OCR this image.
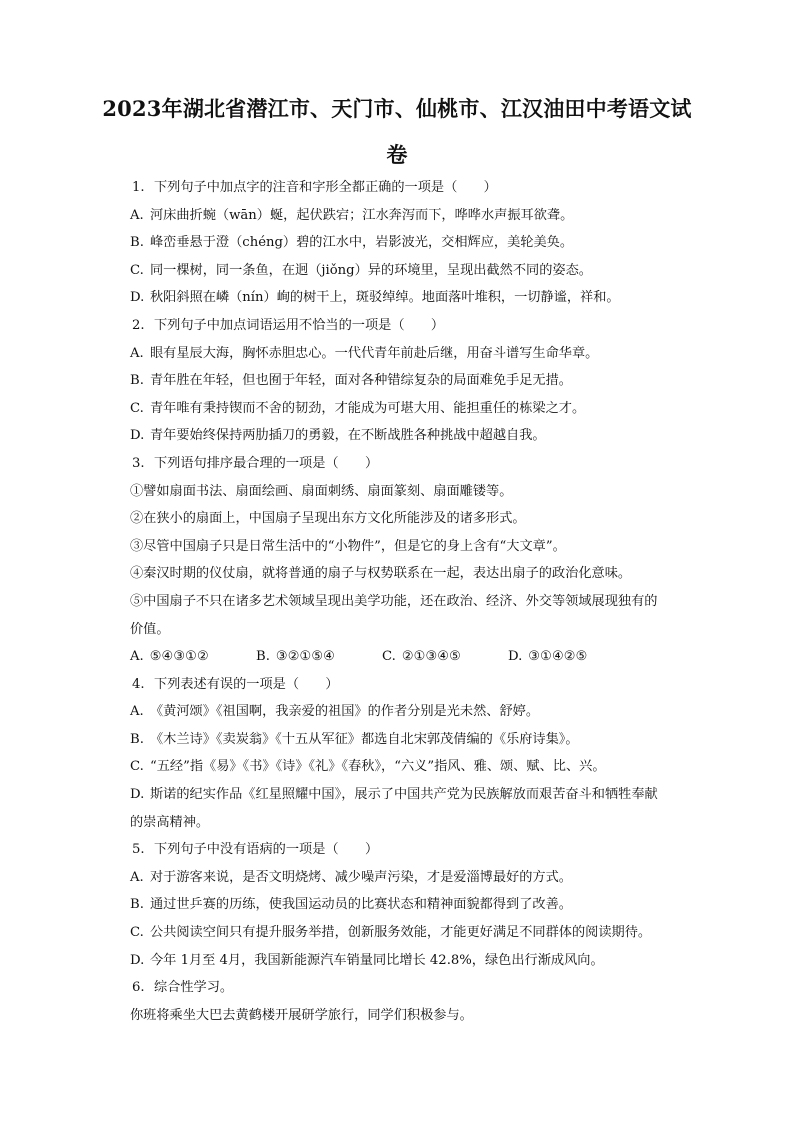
2023年湖北省潜江市、天门市、仙桃市、江汉油田中考语文试
卷
1. 下列句子中加点字的注音和字形全都正确的一项是（　　）
A. 河床曲折蜿（wān）蜒，起伏跌宕；江水奔泻而下，哗哗水声振耳欲聋。
B. 峰峦垂悬于澄（chéng）碧的江水中，岩影波光，交相辉应，美轮美奂。
C. 同一棵树，同一条鱼，在迥（jiǒng）异的环境里，呈现出截然不同的姿态。
D. 秋阳斜照在嶙（nín）峋的树干上，斑驳绰绰。地面落叶堆积，一切静谧，祥和。
2. 下列句子中加点词语运用不恰当的一项是（　　）
A. 眼有星辰大海，胸怀赤胆忠心。一代代青年前赴后继，用奋斗谱写生命华章。
B. 青年胜在年轻，但也囿于年轻，面对各种错综复杂的局面难免手足无措。
C. 青年唯有秉持锲而不舍的韧劲，才能成为可堪大用、能担重任的栋梁之才。
D. 青年要始终保持两肋插刀的勇毅，在不断战胜各种挑战中超越自我。
3. 下列语句排序最合理的一项是（　　）
①譬如扇面书法、扇面绘画、扇面刺绣、扇面篆刻、扇面雕镂等。
②在狭小的扇面上，中国扇子呈现出东方文化所能涉及的诸多形式。
③尽管中国扇子只是日常生活中的“小物件”，但是它的身上含有“大文章”。
④秦汉时期的仪仗扇，就将普通的扇子与权势联系在一起，表达出扇子的政治化意味。
⑤中国扇子不只在诸多艺术领域呈现出美学功能，还在政治、经济、外交等领域展现独有的
价值。
A. ⑤④③①②	B. ③②①⑤④	C. ②①③④⑤	D. ③①④②⑤
4. 下列表述有误的一项是（　　）
A. 《黄河颂》《祖国啊，我亲爱的祖国》的作者分别是光未然、舒婷。
B. 《木兰诗》《卖炭翁》《十五从军征》都选自北宋郭茂倩编的《乐府诗集》。
C. “五经”指《易》《书》《诗》《礼》《春秋》，“六义”指风、雅、颂、赋、比、兴。
D. 斯诺的纪实作品《红星照耀中国》，展示了中国共产党为民族解放而艰苦奋斗和牺牲奉献
的崇高精神。
5. 下列句子中没有语病的一项是（　　）
A. 对于游客来说，是否文明烧烤、减少噪声污染，才是爱淄博最好的方式。
B. 通过世乒赛的历练，使我国运动员的比赛状态和精神面貌都得到了改善。
C. 公共阅读空间只有提升服务举措，创新服务效能，才能更好满足不同群体的阅读期待。
D. 今年 1月至 4月，我国新能源汽车销量同比增长 42.8%，绿色出行渐成风向。
6. 综合性学习。
你班将乘坐大巴去黄鹤楼开展研学旅行，同学们积极参与。
